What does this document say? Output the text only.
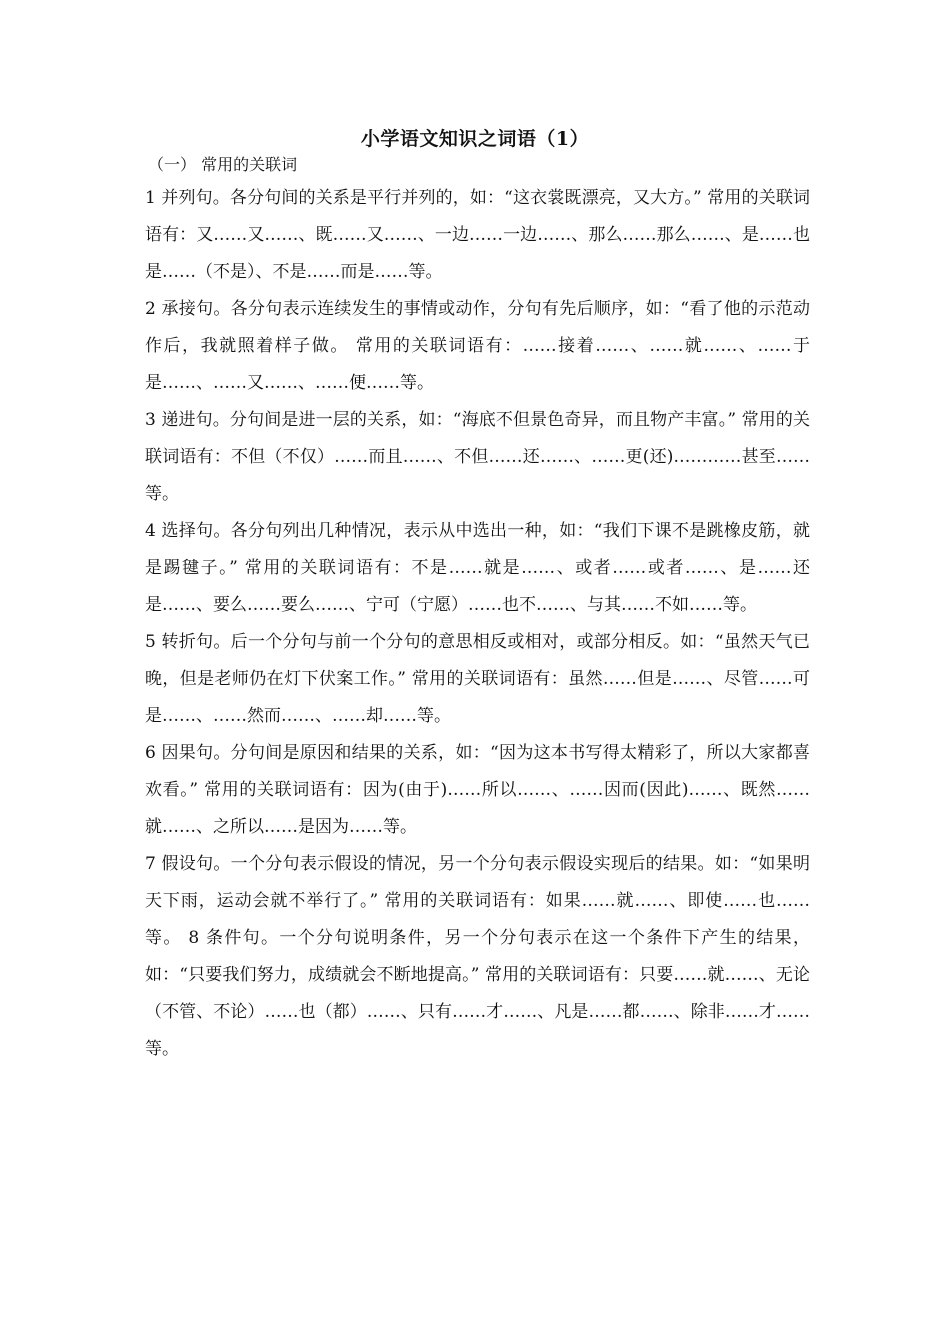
小学语文知识之词语（1）
（一） 常用的关联词

1 并列句。各分句间的关系是平行并列的，如：“这衣裳既漂亮，又大方。” 常用的关联词语有：又……又……、既……又……、一边……一边……、那么……那么……、是……也是……（不是）、不是……而是……等。

2 承接句。各分句表示连续发生的事情或动作，分句有先后顺序，如：“看了他的示范动作后，我就照着样子做。 常用的关联词语有：……接着……、……就……、……于是……、……又……、……便……等。

3 递进句。分句间是进一层的关系，如：“海底不但景色奇异，而且物产丰富。” 常用的关联词语有：不但（不仅）……而且……、不但……还……、……更(还)…………甚至……等。

4 选择句。各分句列出几种情况，表示从中选出一种，如：“我们下课不是跳橡皮筋，就是踢毽子。” 常用的关联词语有：不是……就是……、或者……或者……、是……还是……、要么……要么……、宁可（宁愿）……也不……、与其……不如……等。

5 转折句。后一个分句与前一个分句的意思相反或相对，或部分相反。如：“虽然天气已晚，但是老师仍在灯下伏案工作。” 常用的关联词语有：虽然……但是……、尽管……可是……、……然而……、……却……等。

6 因果句。分句间是原因和结果的关系，如：“因为这本书写得太精彩了，所以大家都喜欢看。” 常用的关联词语有：因为(由于)……所以……、……因而(因此)……、既然……就……、之所以……是因为……等。

7 假设句。一个分句表示假设的情况，另一个分句表示假设实现后的结果。如：“如果明天下雨，运动会就不举行了。” 常用的关联词语有：如果……就……、即使……也……等。 8 条件句。一个分句说明条件，另一个分句表示在这一个条件下产生的结果，如：“只要我们努力，成绩就会不断地提高。” 常用的关联词语有：只要……就……、无论（不管、不论）……也（都）……、只有……才……、凡是……都……、除非……才……等。
